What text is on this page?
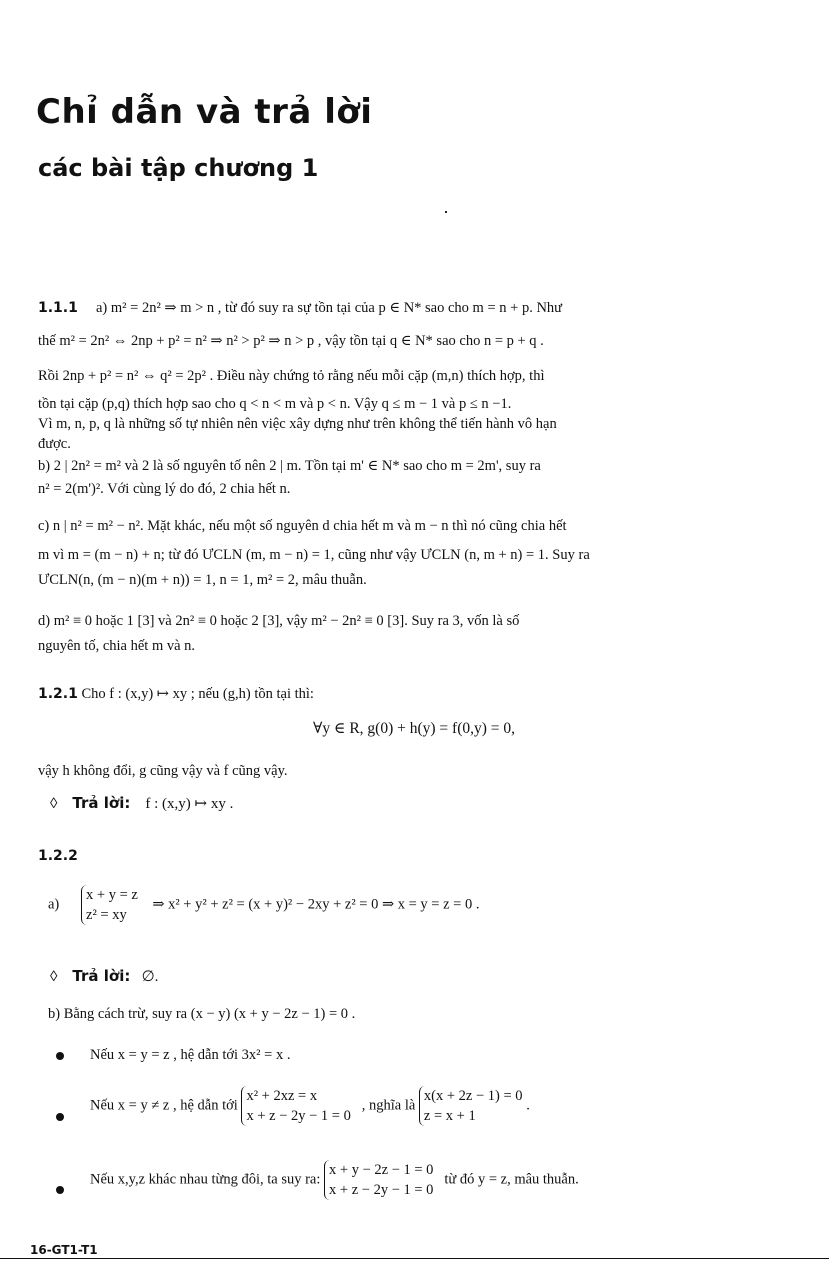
Chỉ dẫn và trả lời
các bài tập chương 1
1.1.1 a) m² = 2n² ⇒ m > n , từ đó suy ra sự tồn tại của p ∈ N* sao cho m = n + p. Như
thế m² = 2n² ⇔ 2np + p² = n² ⇒ n² > p² ⇒ n > p , vậy tồn tại q ∈ N* sao cho n = p + q .
Rồi 2np + p² = n² ⇔ q² = 2p² . Điều này chứng tỏ rằng nếu mỗi cặp (m,n) thích hợp, thì
tồn tại cặp (p,q) thích hợp sao cho q < n < m và p < n. Vậy q ≤ m − 1 và p ≤ n −1.
Vì m, n, p, q là những số tự nhiên nên việc xây dựng như trên không thể tiến hành vô hạn
được.
b) 2 | 2n² = m² và 2 là số nguyên tố nên 2 | m. Tồn tại m' ∈ N* sao cho m = 2m', suy ra
n² = 2(m')². Với cùng lý do đó, 2 chia hết n.
c) n | n² = m² − n². Mặt khác, nếu một số nguyên d chia hết m và m − n thì nó cũng chia hết
m vì m = (m − n) + n; từ đó ƯCLN (m, m − n) = 1, cũng như vậy ƯCLN (n, m + n) = 1. Suy ra
ƯCLN(n, (m − n)(m + n)) = 1, n = 1, m² = 2, mâu thuẫn.
d) m² ≡ 0 hoặc 1 [3] và 2n² ≡ 0 hoặc 2 [3], vậy m² − 2n² ≡ 0 [3]. Suy ra 3, vốn là số
nguyên tố, chia hết m và n.
1.2.1 Cho f : (x,y) ↦ xy ; nếu (g,h) tồn tại thì:
∀y ∈ R, g(0) + h(y) = f(0,y) = 0,
vậy h không đổi, g cũng vậy và f cũng vậy.
◊ Trả lời: f : (x,y) ↦ xy .
1.2.2
a)      x + y = z
z² = xy    ⇒ x² + y² + z² = (x + y)² − 2xy + z² = 0 ⇒ x = y = z = 0 .
◊ Trả lời: ∅.
b) Bằng cách trừ, suy ra (x − y) (x + y − 2z − 1) = 0 .
Nếu x = y = z , hệ dẫn tới 3x² = x .
Nếu x = y ≠ z , hệ dẫn tới x² + 2xz = x
x + z − 2y − 1 = 0   , nghĩa là x(x + 2z − 1) = 0
z = x + 1 .
Nếu x,y,z khác nhau từng đôi, ta suy ra: x + y − 2z − 1 = 0
x + z − 2y − 1 = 0   từ đó y = z, mâu thuẫn.
16-GT1-T1
